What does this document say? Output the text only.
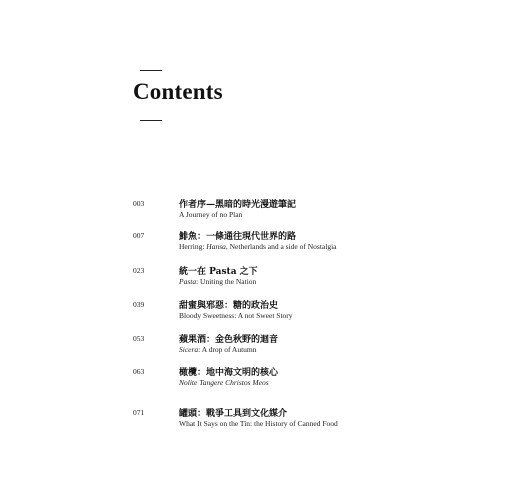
Contents
003	作者序—黑暗的時光漫遊筆記
A Journey of no Plan
007	鯡魚：一條通往現代世界的路
Herring: Hansa, Netherlands and a side of Nostalgia
023	統一在 Pasta 之下
Pasta: Uniting the Nation
039	甜蜜與邪惡：糖的政治史
Bloody Sweetness: A not Sweet Story
053	蘋果酒：金色秋野的迴音
Sicera: A drop of Autumn
063	橄欖：地中海文明的核心
Nolite Tangere Christos Meos
071	罐頭：戰爭工具到文化媒介
What It Says on the Tin: the History of Canned Food
